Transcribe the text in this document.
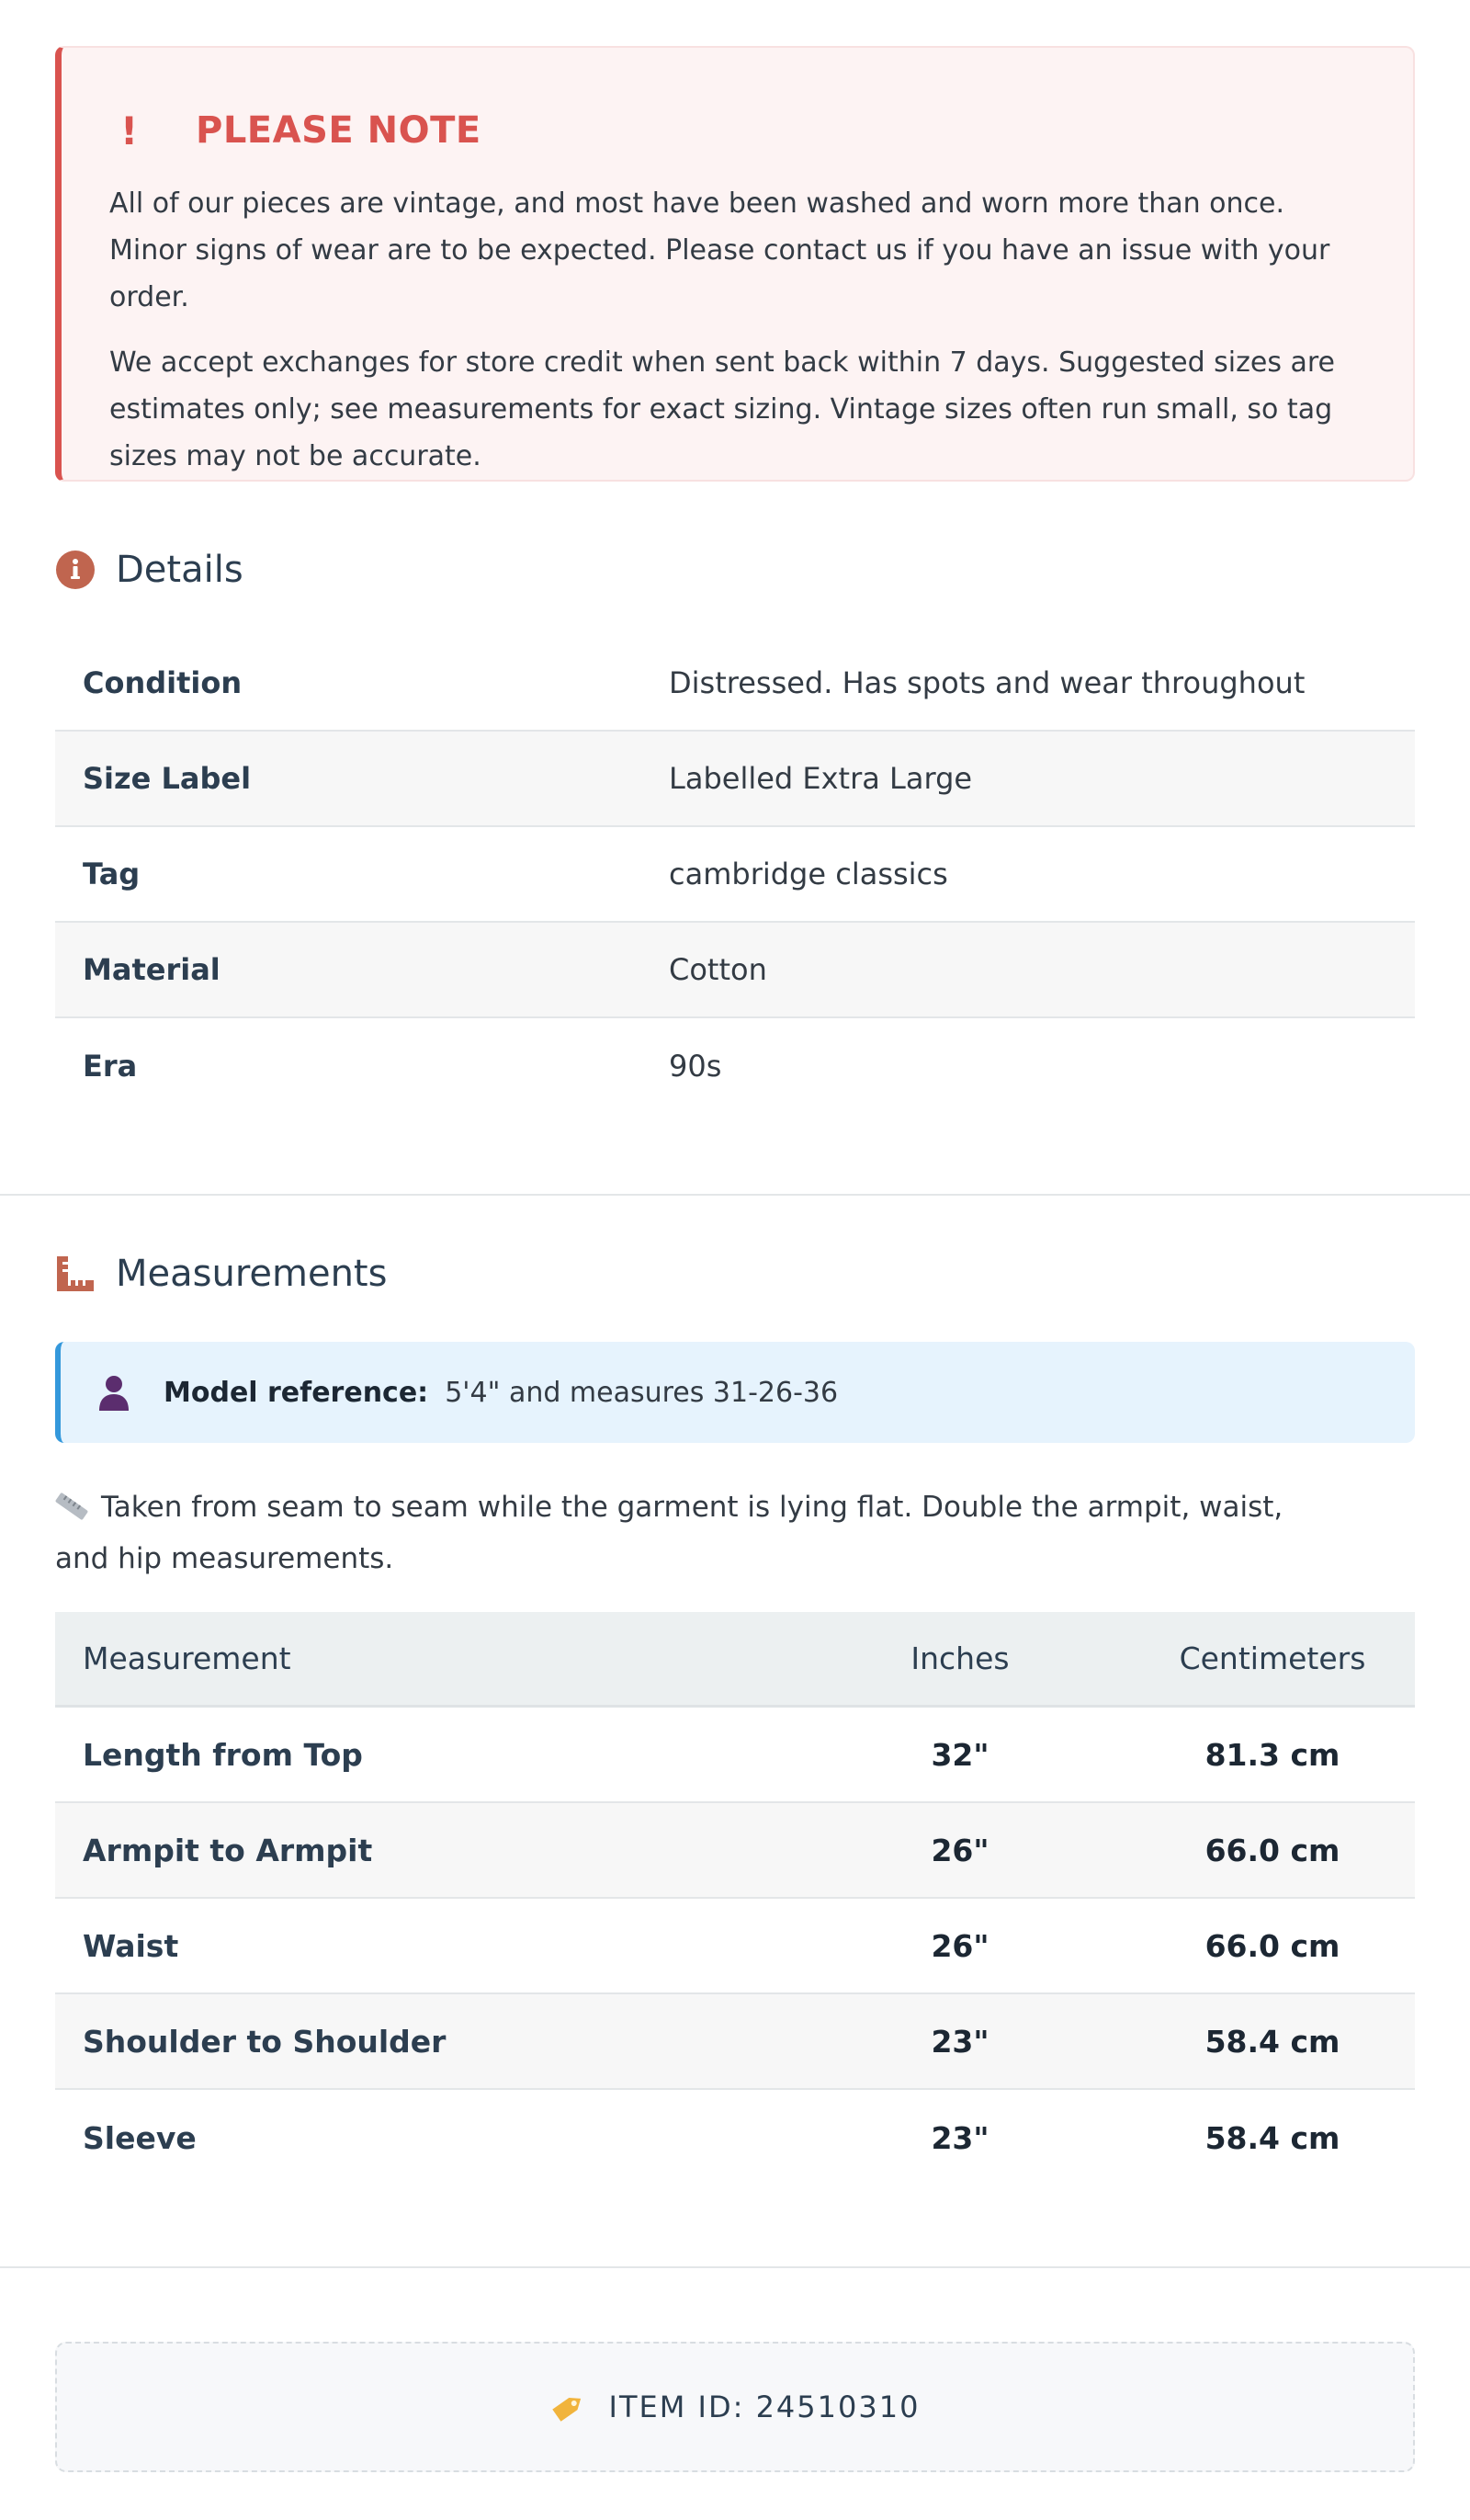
!	PLEASE NOTE

All of our pieces are vintage, and most have been washed and worn more than once. Minor signs of wear are to be expected. Please contact us if you have an issue with your order.

We accept exchanges for store credit when sent back within 7 days. Suggested sizes are estimates only; see measurements for exact sizing. Vintage sizes often run small, so tag sizes may not be accurate.

Details
Condition	Distressed. Has spots and wear throughout
Size Label	Labelled Extra Large
Tag	cambridge classics
Material	Cotton
Era	90s
Measurements
Model reference: 5'4" and measures 31-26-36
Taken from seam to seam while the garment is lying flat. Double the armpit, waist, and hip measurements.
Measurement	Inches	Centimeters
Length from Top	32"	81.3 cm
Armpit to Armpit	26"	66.0 cm
Waist	26"	66.0 cm
Shoulder to Shoulder	23"	58.4 cm
Sleeve	23"	58.4 cm
ITEM ID: 24510310
